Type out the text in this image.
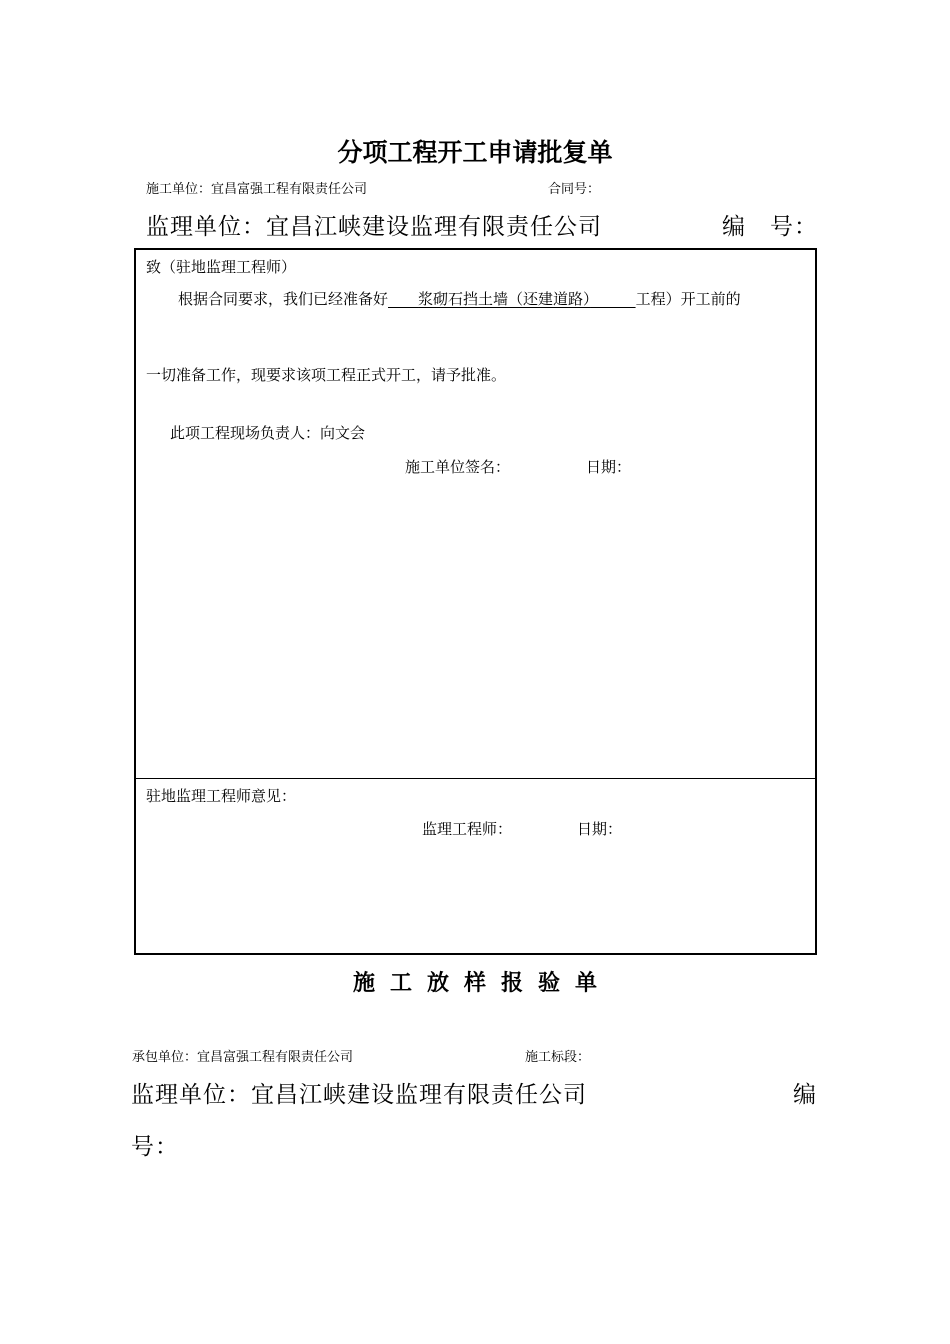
分项工程开工申请批复单
施工单位：宜昌富强工程有限责任公司	合同号：
监理单位：宜昌江峡建设监理有限责任公司	编　号：
致（驻地监理工程师）
根据合同要求，我们已经准备好　　 浆砌石挡土墙（还建道路）　　　	工程）开工前的
一切准备工作，现要求该项工程正式开工，请予批准。
此项工程现场负责人：向文会
施工单位签名：	日期：
驻地监理工程师意见：
监理工程师：	日期：
施工放样报验单
承包单位：宜昌富强工程有限责任公司	施工标段：
监理单位：宜昌江峡建设监理有限责任公司	编
号：
